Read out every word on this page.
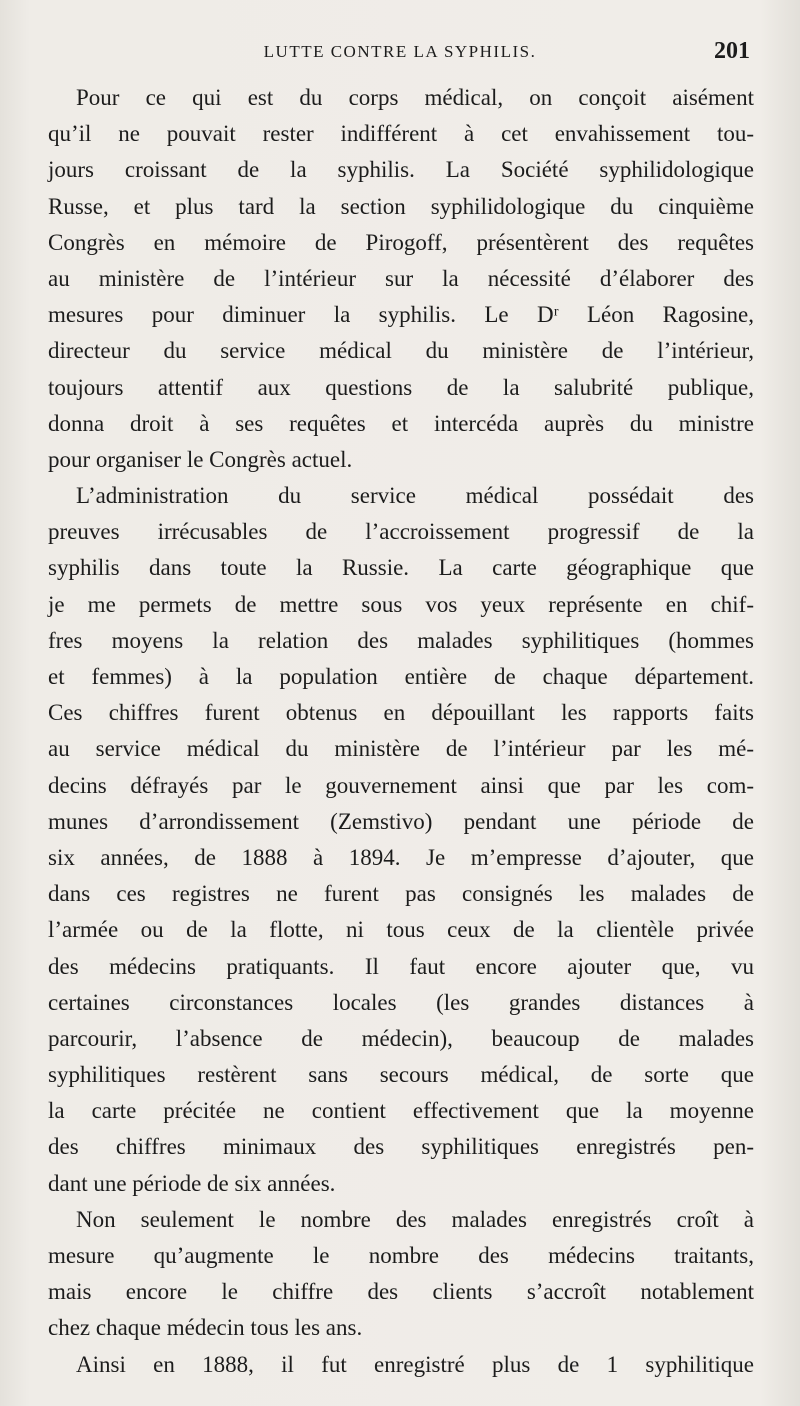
LUTTE CONTRE LA SYPHILIS.	201
Pour ce qui est du corps médical, on conçoit aisément
qu’il ne pouvait rester indifférent à cet envahissement tou-
jours croissant de la syphilis. La Société syphilidologique
Russe, et plus tard la section syphilidologique du cinquième
Congrès en mémoire de Pirogoff, présentèrent des requêtes
au ministère de l’intérieur sur la nécessité d’élaborer des
mesures pour diminuer la syphilis. Le Dʳ Léon Ragosine,
directeur du service médical du ministère de l’intérieur,
toujours attentif aux questions de la salubrité publique,
donna droit à ses requêtes et intercéda auprès du ministre
pour organiser le Congrès actuel.
L’administration du service médical possédait des
preuves irrécusables de l’accroissement progressif de la
syphilis dans toute la Russie. La carte géographique que
je me permets de mettre sous vos yeux représente en chif-
fres moyens la relation des malades syphilitiques (hommes
et femmes) à la population entière de chaque département.
Ces chiffres furent obtenus en dépouillant les rapports faits
au service médical du ministère de l’intérieur par les mé-
decins défrayés par le gouvernement ainsi que par les com-
munes d’arrondissement (Zemstivo) pendant une période de
six années, de 1888 à 1894. Je m’empresse d’ajouter, que
dans ces registres ne furent pas consignés les malades de
l’armée ou de la flotte, ni tous ceux de la clientèle privée
des médecins pratiquants. Il faut encore ajouter que, vu
certaines circonstances locales (les grandes distances à
parcourir, l’absence de médecin), beaucoup de malades
syphilitiques restèrent sans secours médical, de sorte que
la carte précitée ne contient effectivement que la moyenne
des chiffres minimaux des syphilitiques enregistrés pen-
dant une période de six années.
Non seulement le nombre des malades enregistrés croît à
mesure qu’augmente le nombre des médecins traitants,
mais encore le chiffre des clients s’accroît notablement
chez chaque médecin tous les ans.
Ainsi en 1888, il fut enregistré plus de 1 syphilitique
